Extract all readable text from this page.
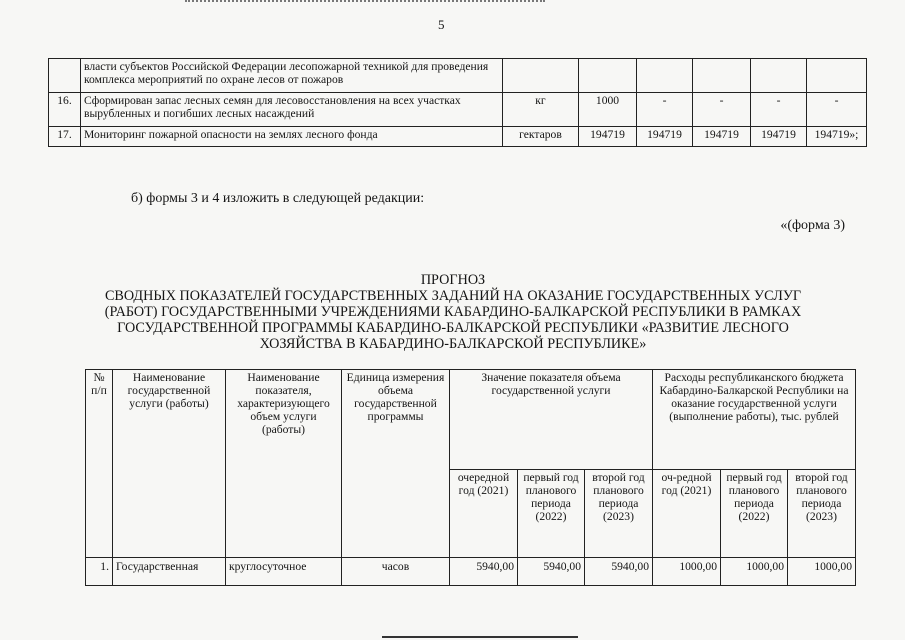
5
	власти субъектов Российской Федерации лесопожарной техникой для проведения комплекса мероприятий по охране лесов от пожаров						
16.	Сформирован запас лесных семян для лесовосстановления на всех участках вырубленных и погибших лесных насаждений	кг	1000	-	-	-	-
17.	Мониторинг пожарной опасности на землях лесного фонда	гектаров	194719	194719	194719	194719	194719»;
б) формы 3 и 4 изложить в следующей редакции:
«(форма 3)
ПРОГНОЗ
СВОДНЫХ ПОКАЗАТЕЛЕЙ ГОСУДАРСТВЕННЫХ ЗАДАНИЙ НА ОКАЗАНИЕ ГОСУДАРСТВЕННЫХ УСЛУГ
(РАБОТ) ГОСУДАРСТВЕННЫМИ УЧРЕЖДЕНИЯМИ КАБАРДИНО-БАЛКАРСКОЙ РЕСПУБЛИКИ В РАМКАХ
ГОСУДАРСТВЕННОЙ ПРОГРАММЫ КАБАРДИНО-БАЛКАРСКОЙ РЕСПУБЛИКИ «РАЗВИТИЕ ЛЕСНОГО
ХОЗЯЙСТВА В КАБАРДИНО-БАЛКАРСКОЙ РЕСПУБЛИКЕ»
№ п/п	Наименование государственной услуги (работы)	Наименование показателя, характеризующего объем услуги (работы)	Единица измерения объема государственной программы	Значение показателя объема государственной услуги			Расходы республиканского бюджета Кабардино-Балкарской Республики на оказание государственной услуги (выполнение работы), тыс. рублей		
				очередной год (2021)	первый год планового периода (2022)	второй год планового периода (2023)	оч-редной год (2021)	первый год планового периода (2022)	второй год планового периода (2023)
1.	Государственная	круглосуточное	часов	5940,00	5940,00	5940,00	1000,00	1000,00	1000,00
